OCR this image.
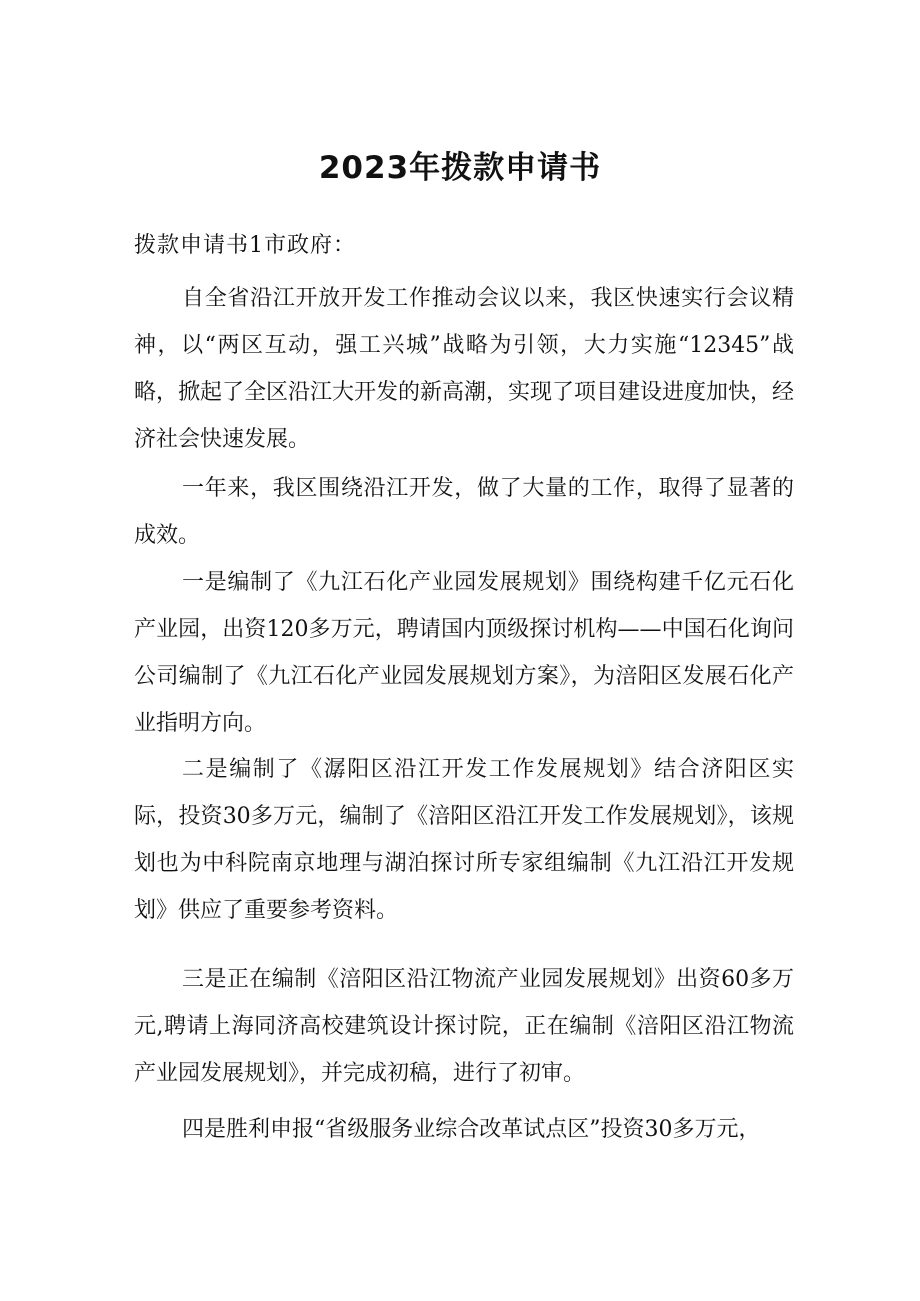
2023年拨款申请书
拨款申请书1市政府：

自全省沿江开放开发工作推动会议以来，我区快速实行会议精神，以“两区互动，强工兴城”战略为引领，大力实施“12345”战略，掀起了全区沿江大开发的新高潮，实现了项目建设进度加快，经济社会快速发展。

一年来，我区围绕沿江开发，做了大量的工作，取得了显著的成效。

一是编制了《九江石化产业园发展规划》围绕构建千亿元石化产业园，出资120多万元，聘请国内顶级探讨机构——中国石化询问公司编制了《九江石化产业园发展规划方案》，为涪阳区发展石化产业指明方向。

二是编制了《潺阳区沿江开发工作发展规划》结合济阳区实际，投资30多万元，编制了《涪阳区沿江开发工作发展规划》，该规划也为中科院南京地理与湖泊探讨所专家组编制《九江沿江开发规划》供应了重要参考资料。

三是正在编制《涪阳区沿江物流产业园发展规划》出资60多万元,聘请上海同济高校建筑设计探讨院，正在编制《涪阳区沿江物流产业园发展规划》，并完成初稿，进行了初审。

四是胜利申报“省级服务业综合改革试点区”投资30多万元，
